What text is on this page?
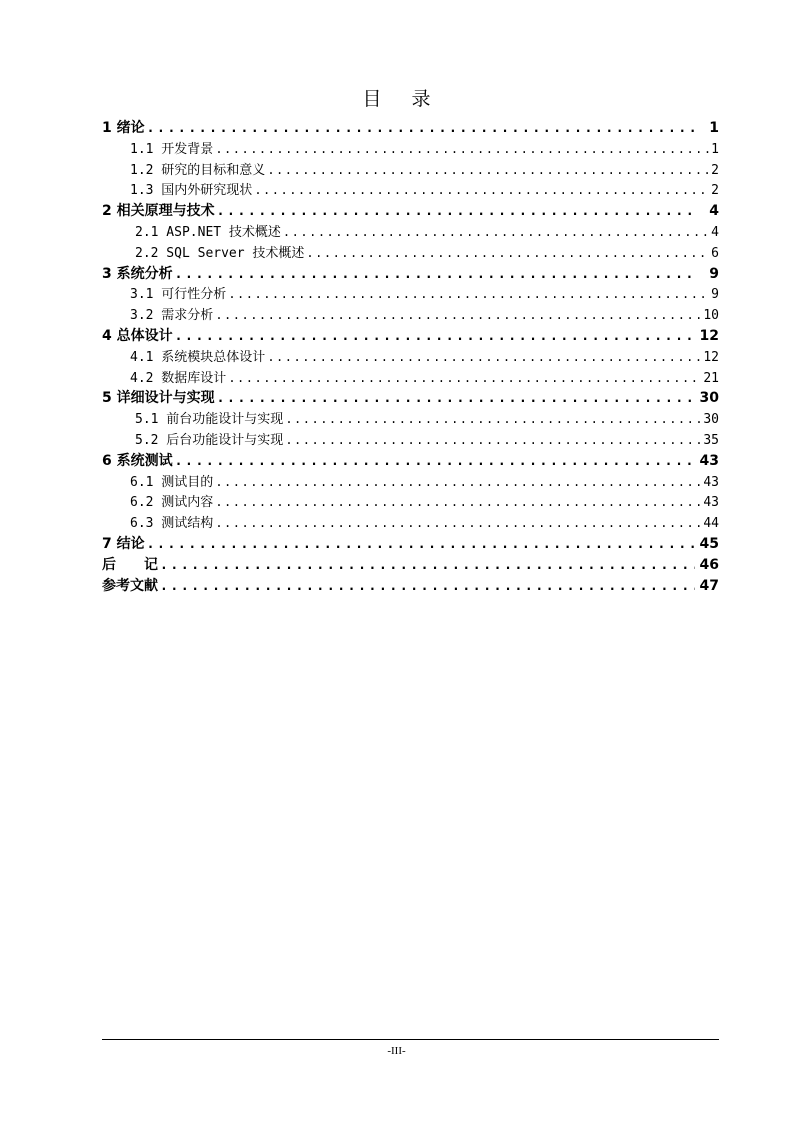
目 录
1 绪论 .....	1
1.1 开发背景 .....	1
1.2 研究的目标和意义 .....	2
1.3 国内外研究现状 .....	2
2 相关原理与技术 .....	4
2.1 ASP.NET 技术概述 .....	4
2.2 SQL Server 技术概述 .....	6
3 系统分析 .....	9
3.1 可行性分析 .....	9
3.2 需求分析 .....	10
4 总体设计 .....	12
4.1 系统模块总体设计 .....	12
4.2 数据库设计 .....	21
5 详细设计与实现 .....	30
5.1 前台功能设计与实现 .....	30
5.2 后台功能设计与实现 .....	35
6 系统测试 .....	43
6.1 测试目的 .....	43
6.2 测试内容 .....	43
6.3 测试结构 .....	44
7 结论 .....	45
后　　记 .....	46
参考文献 .....	47
-III-
